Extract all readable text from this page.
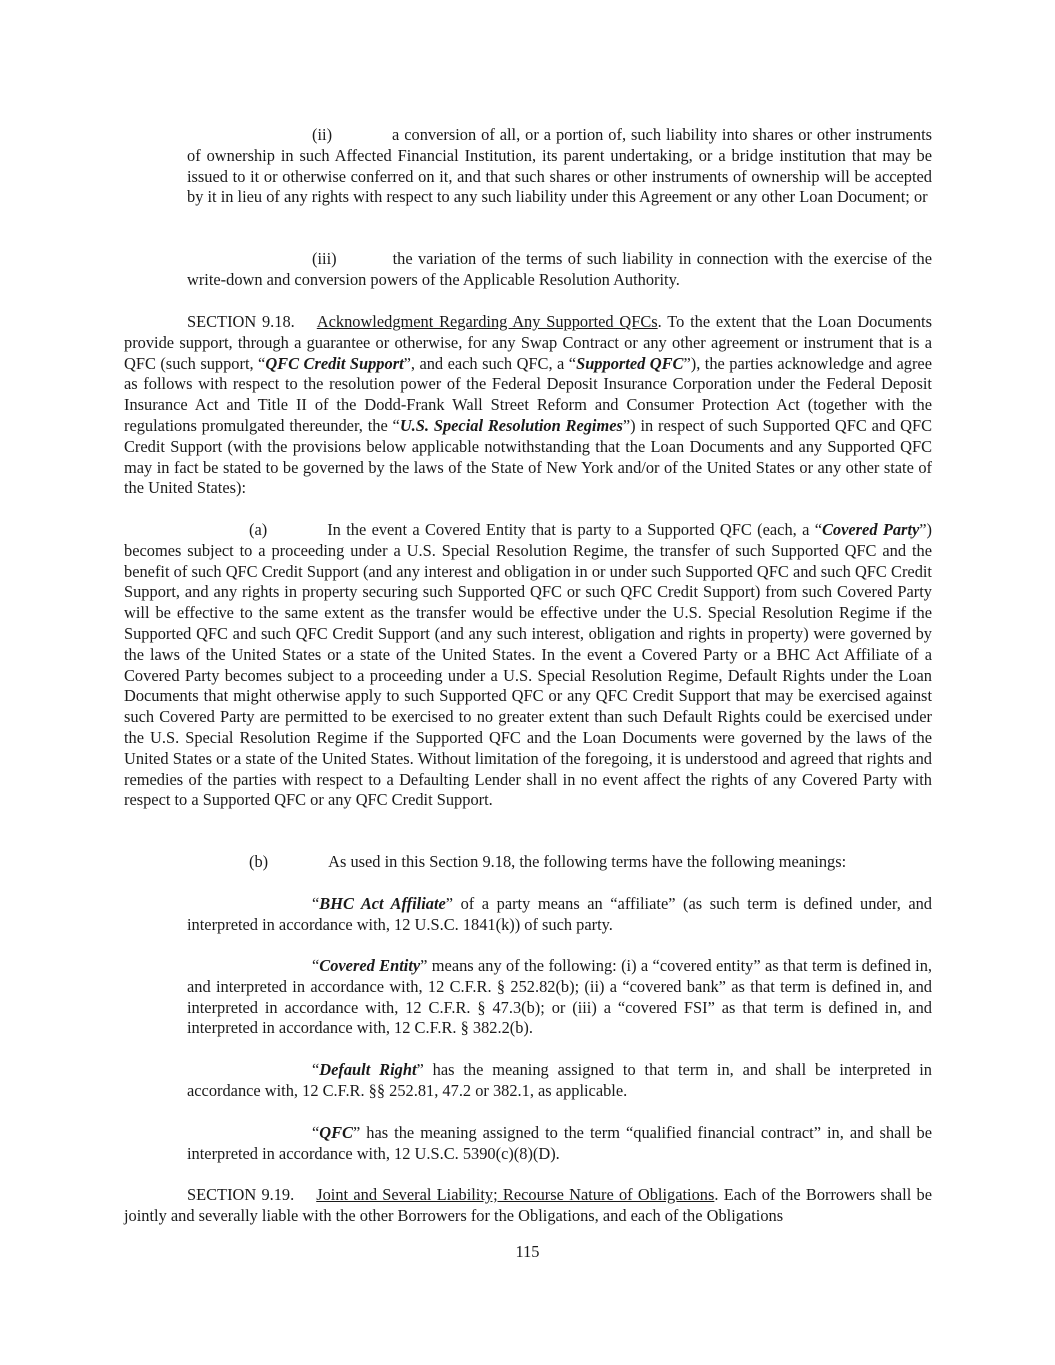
(ii)	a conversion of all, or a portion of, such liability into shares or other instruments of ownership in such Affected Financial Institution, its parent undertaking, or a bridge institution that may be issued to it or otherwise conferred on it, and that such shares or other instruments of ownership will be accepted by it in lieu of any rights with respect to any such liability under this Agreement or any other Loan Document; or

(iii)	the variation of the terms of such liability in connection with the exercise of the write-down and conversion powers of the Applicable Resolution Authority.

SECTION 9.18. Acknowledgment Regarding Any Supported QFCs. To the extent that the Loan Documents provide support, through a guarantee or otherwise, for any Swap Contract or any other agreement or instrument that is a QFC (such support, “QFC Credit Support”, and each such QFC, a “Supported QFC”), the parties acknowledge and agree as follows with respect to the resolution power of the Federal Deposit Insurance Corporation under the Federal Deposit Insurance Act and Title II of the Dodd-Frank Wall Street Reform and Consumer Protection Act (together with the regulations promulgated thereunder, the “U.S. Special Resolution Regimes”) in respect of such Supported QFC and QFC Credit Support (with the provisions below applicable notwithstanding that the Loan Documents and any Supported QFC may in fact be stated to be governed by the laws of the State of New York and/or of the United States or any other state of the United States):

(a)	In the event a Covered Entity that is party to a Supported QFC (each, a “Covered Party”) becomes subject to a proceeding under a U.S. Special Resolution Regime, the transfer of such Supported QFC and the benefit of such QFC Credit Support (and any interest and obligation in or under such Supported QFC and such QFC Credit Support, and any rights in property securing such Supported QFC or such QFC Credit Support) from such Covered Party will be effective to the same extent as the transfer would be effective under the U.S. Special Resolution Regime if the Supported QFC and such QFC Credit Support (and any such interest, obligation and rights in property) were governed by the laws of the United States or a state of the United States. In the event a Covered Party or a BHC Act Affiliate of a Covered Party becomes subject to a proceeding under a U.S. Special Resolution Regime, Default Rights under the Loan Documents that might otherwise apply to such Supported QFC or any QFC Credit Support that may be exercised against such Covered Party are permitted to be exercised to no greater extent than such Default Rights could be exercised under the U.S. Special Resolution Regime if the Supported QFC and the Loan Documents were governed by the laws of the United States or a state of the United States. Without limitation of the foregoing, it is understood and agreed that rights and remedies of the parties with respect to a Defaulting Lender shall in no event affect the rights of any Covered Party with respect to a Supported QFC or any QFC Credit Support.

(b)	As used in this Section 9.18, the following terms have the following meanings:

“BHC Act Affiliate” of a party means an “affiliate” (as such term is defined under, and interpreted in accordance with, 12 U.S.C. 1841(k)) of such party.

“Covered Entity” means any of the following: (i) a “covered entity” as that term is defined in, and interpreted in accordance with, 12 C.F.R. § 252.82(b); (ii) a “covered bank” as that term is defined in, and interpreted in accordance with, 12 C.F.R. § 47.3(b); or (iii) a “covered FSI” as that term is defined in, and interpreted in accordance with, 12 C.F.R. § 382.2(b).

“Default Right” has the meaning assigned to that term in, and shall be interpreted in accordance with, 12 C.F.R. §§ 252.81, 47.2 or 382.1, as applicable.

“QFC” has the meaning assigned to the term “qualified financial contract” in, and shall be interpreted in accordance with, 12 U.S.C. 5390(c)(8)(D).

SECTION 9.19. Joint and Several Liability; Recourse Nature of Obligations. Each of the Borrowers shall be jointly and severally liable with the other Borrowers for the Obligations, and each of the Obligations

115
